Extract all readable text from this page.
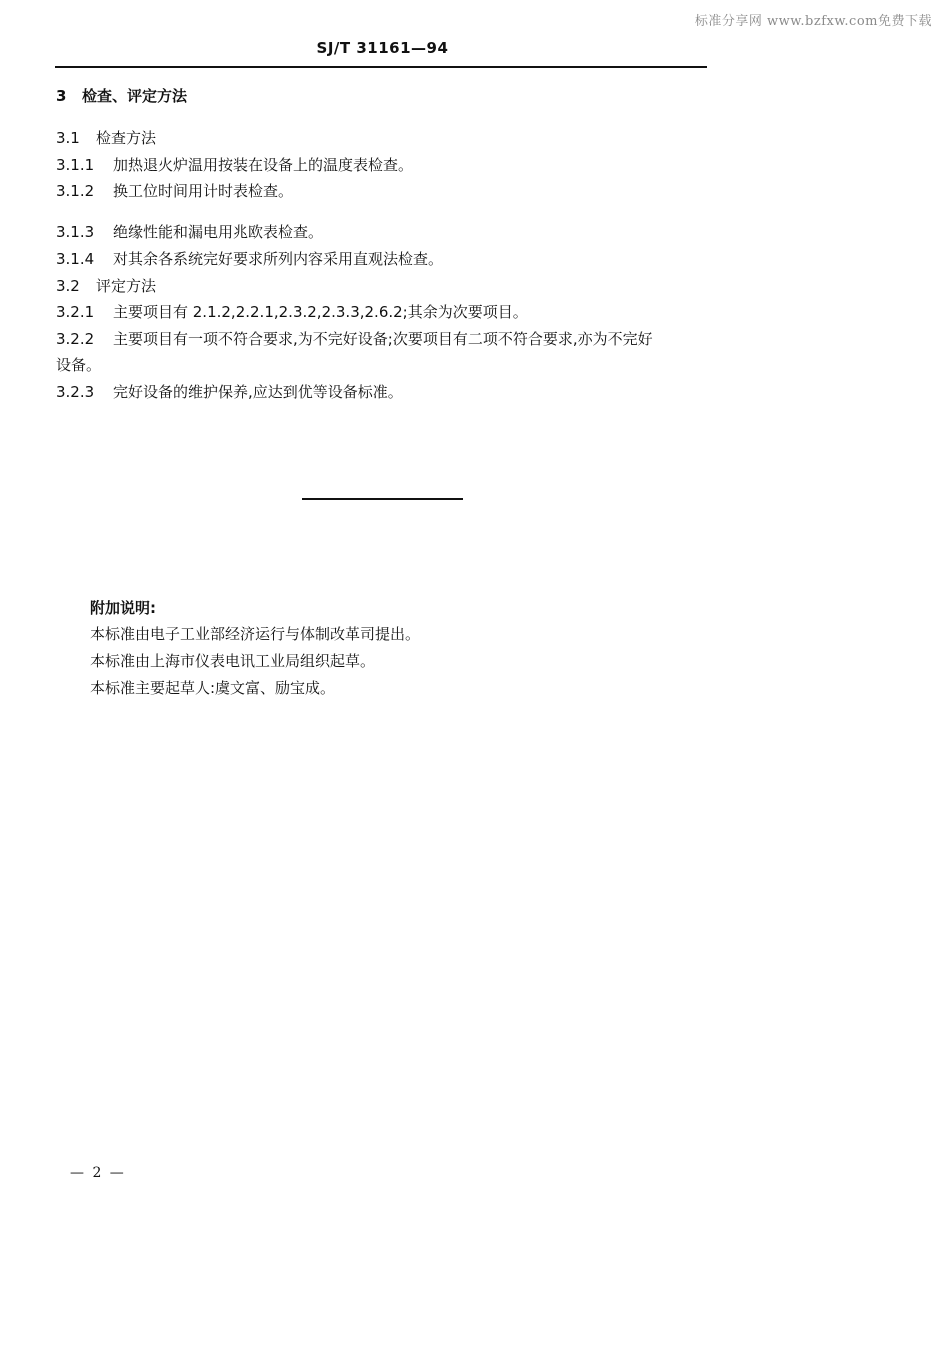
标准分享网 www.bzfxw.com免费下载
SJ/T 31161—94
3 检查、评定方法
3.1 检查方法
3.1.1 加热退火炉温用按装在设备上的温度表检查。
3.1.2 换工位时间用计时表检查。
3.1.3 绝缘性能和漏电用兆欧表检查。
3.1.4 对其余各系统完好要求所列内容采用直观法检查。
3.2 评定方法
3.2.1 主要项目有 2.1.2,2.2.1,2.3.2,2.3.3,2.6.2;其余为次要项目。
3.2.2 主要项目有一项不符合要求,为不完好设备;次要项目有二项不符合要求,亦为不完好
设备。
3.2.3 完好设备的维护保养,应达到优等设备标准。
附加说明:
本标准由电子工业部经济运行与体制改革司提出。
本标准由上海市仪表电讯工业局组织起草。
本标准主要起草人:虞文富、励宝成。
— 2 —
